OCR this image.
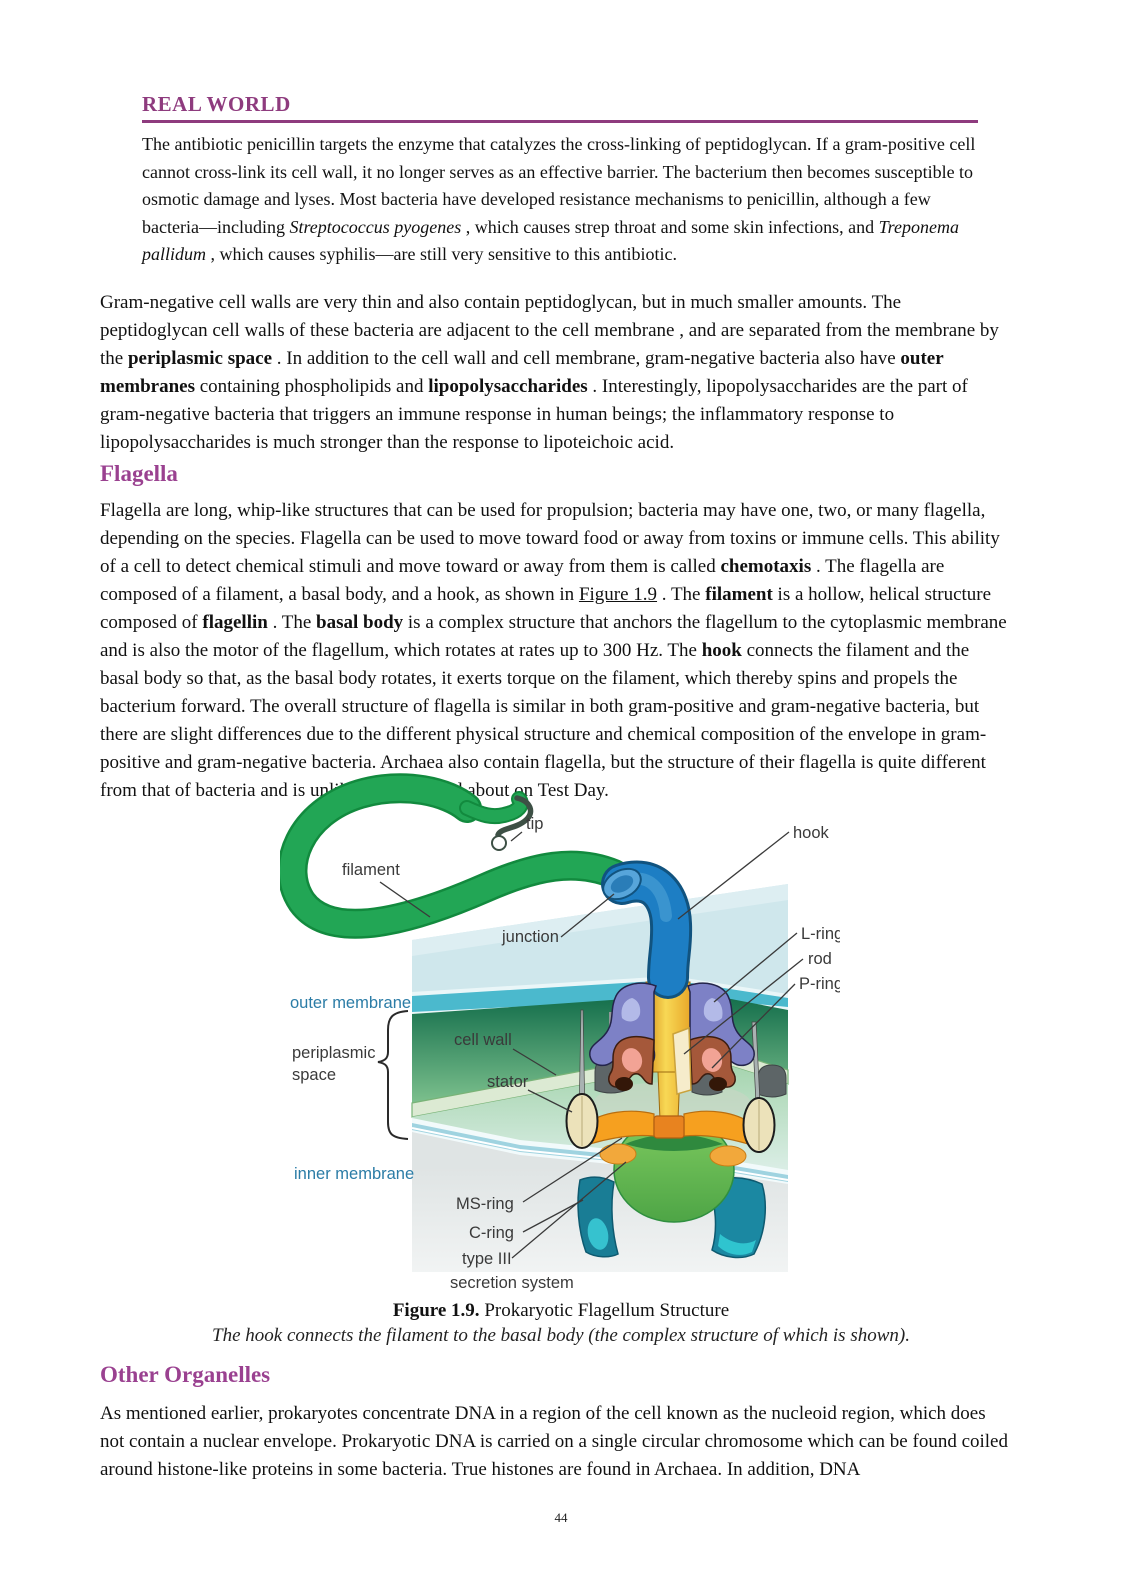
REAL WORLD

The antibiotic penicillin targets the enzyme that catalyzes the cross-linking of peptidoglycan. If a gram-positive cell cannot cross-link its cell wall, it no longer serves as an effective barrier. The bacterium then becomes susceptible to osmotic damage and lyses. Most bacteria have developed resistance mechanisms to penicillin, although a few bacteria—including Streptococcus pyogenes , which causes strep throat and some skin infections, and Treponema pallidum , which causes syphilis—are still very sensitive to this antibiotic.

Gram-negative cell walls are very thin and also contain peptidoglycan, but in much smaller amounts. The peptidoglycan cell walls of these bacteria are adjacent to the cell membrane , and are separated from the membrane by the periplasmic space . In addition to the cell wall and cell membrane, gram-negative bacteria also have outer membranes containing phospholipids and lipopolysaccharides . Interestingly, lipopolysaccharides are the part of gram-negative bacteria that triggers an immune response in human beings; the inflammatory response to lipopolysaccharides is much stronger than the response to lipoteichoic acid.

Flagella

Flagella are long, whip-like structures that can be used for propulsion; bacteria may have one, two, or many flagella, depending on the species. Flagella can be used to move toward food or away from toxins or immune cells. This ability of a cell to detect chemical stimuli and move toward or away from them is called chemotaxis . The flagella are composed of a filament, a basal body, and a hook, as shown in Figure 1.9 . The filament is a hollow, helical structure composed of flagellin . The basal body is a complex structure that anchors the flagellum to the cytoplasmic membrane and is also the motor of the flagellum, which rotates at rates up to 300 Hz. The hook connects the filament and the basal body so that, as the basal body rotates, it exerts torque on the filament, which thereby spins and propels the bacterium forward. The overall structure of flagella is similar in both gram-positive and gram-negative bacteria, but there are slight differences due to the different physical structure and chemical composition of the envelope in gram-positive and gram-negative bacteria. Archaea also contain flagella, but the structure of their flagella is quite different from that of bacteria and is unlikely to be asked about on Test Day.

tip
filament
hook
junction	L-ring
rod
P-ring
outer membrane
periplasmic
space
cell wall
stator
inner membrane
MS-ring
C-ring
type III
secretion system
Figure 1.9. Prokaryotic Flagellum Structure
The hook connects the filament to the basal body (the complex structure of which is shown).
Other Organelles

As mentioned earlier, prokaryotes concentrate DNA in a region of the cell known as the nucleoid region, which does not contain a nuclear envelope. Prokaryotic DNA is carried on a single circular chromosome which can be found coiled around histone-like proteins in some bacteria. True histones are found in Archaea. In addition, DNA

44
